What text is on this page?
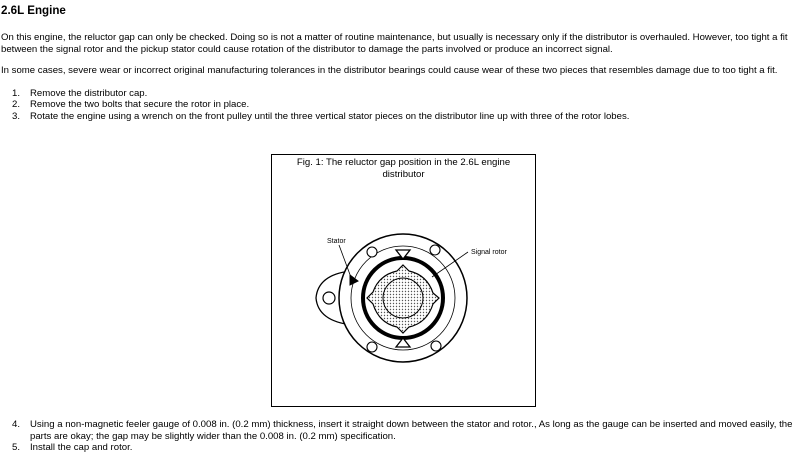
2.6L Engine

On this engine, the reluctor gap can only be checked. Doing so is not a matter of routine maintenance, but usually is necessary only if the distributor is overhauled. However, too tight a fit between the signal rotor and the pickup stator could cause rotation of the distributor to damage the parts involved or produce an incorrect signal.

In some cases, severe wear or incorrect original manufacturing tolerances in the distributor bearings could cause wear of these two pieces that resembles damage due to too tight a fit.

1. Remove the distributor cap.
2. Remove the two bolts that secure the rotor in place.
3. Rotate the engine using a wrench on the front pulley until the three vertical stator pieces on the distributor line up with three of the rotor lobes.
Fig. 1: The reluctor gap position in the 2.6L engine distributor
Stator
Signal rotor
4. Using a non-magnetic feeler gauge of 0.008 in. (0.2 mm) thickness, insert it straight down between the stator and rotor., As long as the gauge can be inserted and moved easily, the parts are okay; the gap may be slightly wider than the 0.008 in. (0.2 mm) specification.
5. Install the cap and rotor.
